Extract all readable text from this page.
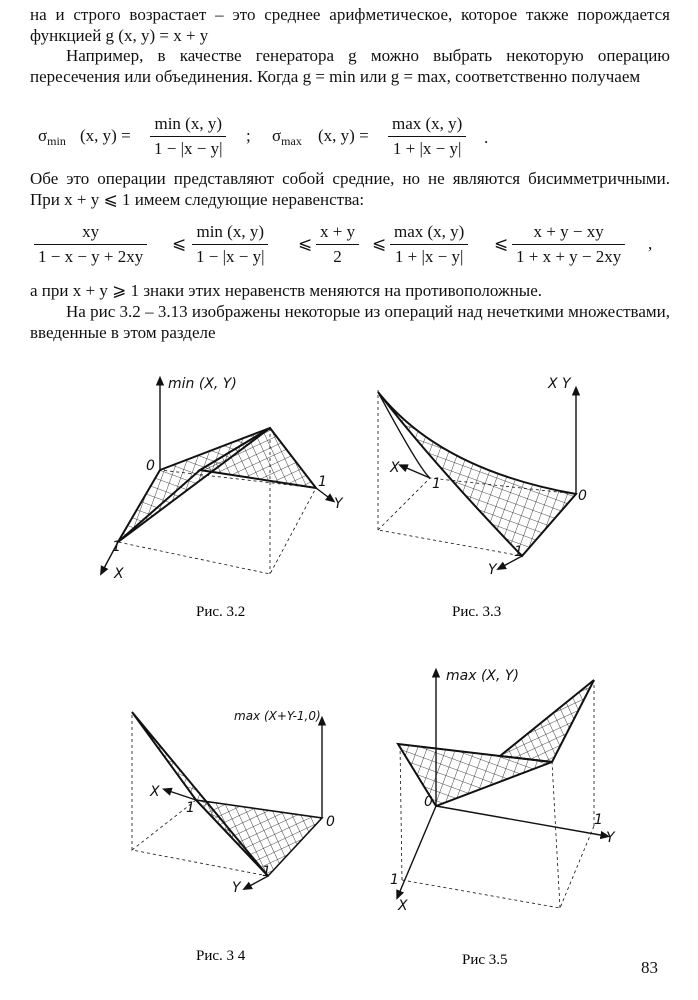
на и строго возрастает – это среднее арифметическое, которое также порождается функцией g (x, y) = x + y

Например, в качестве генератора g можно выбрать некоторую операцию пересечения или объединения. Когда g = min или g = max, соответственно получаем

$\sigma_{min}$ (x, y) =
min (x, y)
1 − |x − y|
; $\sigma_{max}$ (x, y) =
max (x, y)
1 + |x − y|
.

Обе это операции представляют собой средние, но не являются бисимметричными. При x + y ⩽ 1 имеем следующие неравенства:

$\frac{xy}{1 - x - y + 2xy}$ ⩽
min (x, y)
1 − |x − y|
⩽ $\frac{x + y}{2}$ ⩽
max (x, y)
1 + |x − y|
⩽ $\frac{x + y - xy}{1 + x + y - 2xy}$ ,

а при x + y ⩾ 1 знаки этих неравенств меняются на противоположные.

На рис 3.2 – 3.13 изображены некоторые из операций над нечеткими множествами, введенные в этом разделе

min (X, Y)
0
1
1
X
Y
X Y
0
1
1
X
Y
Рис. 3.2	Рис. 3.3
max (X+Y-1,0)
0
1
1
X
Y
max (X, Y)
0
1
1
X
Y
Рис. 3 4	Рис 3.5	83
